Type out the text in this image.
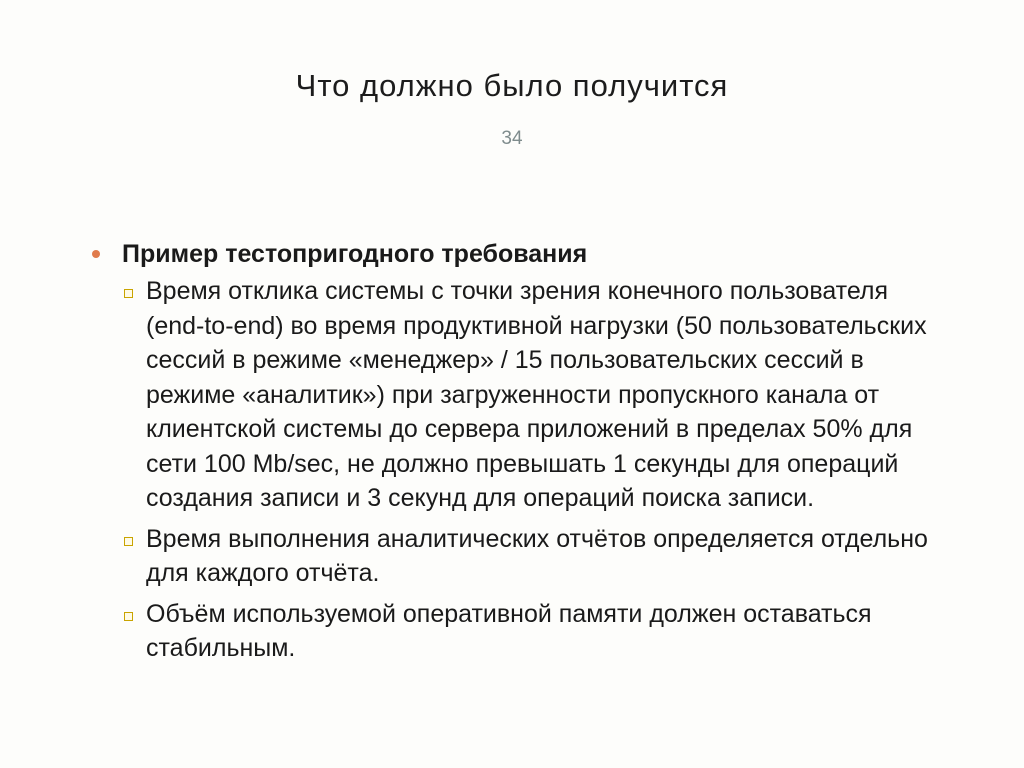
Что должно было получится
34
Пример тестопригодного требования
Время отклика системы с точки зрения конечного пользователя (end-to-end) во время продуктивной нагрузки (50 пользовательских сессий в режиме «менеджер» / 15 пользовательских сессий в режиме «аналитик») при загруженности пропускного канала от клиентской системы до сервера приложений в пределах 50% для сети 100 Mb/sec, не должно превышать 1 секунды для операций создания записи и 3 секунд для операций поиска записи.
Время выполнения аналитических отчётов определяется отдельно для каждого отчёта.
Объём используемой оперативной памяти должен оставаться стабильным.
